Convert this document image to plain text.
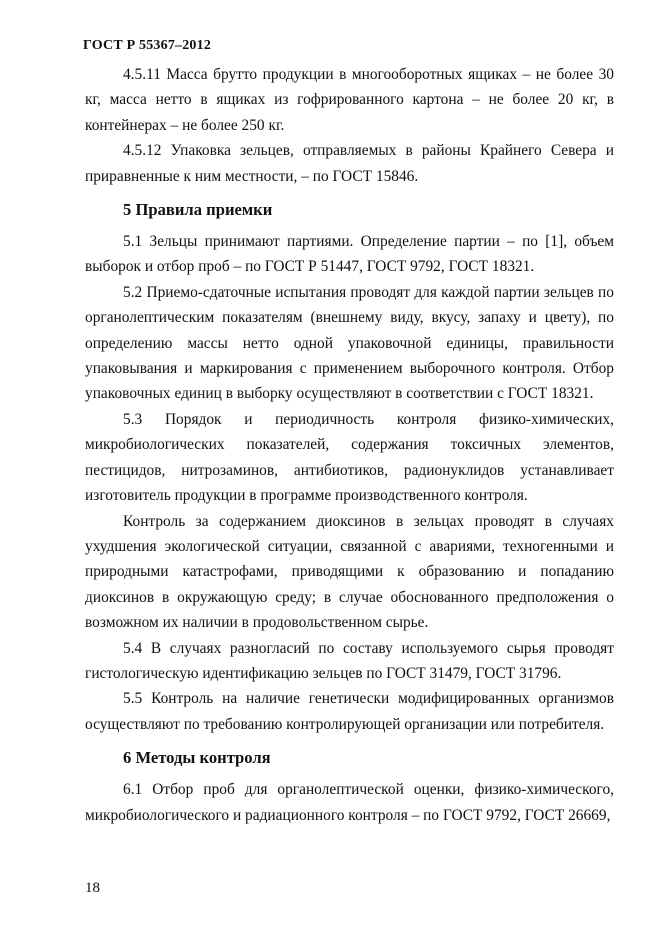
ГОСТ Р 55367–2012

4.5.11 Масса брутто продукции в многооборотных ящиках – не более 30 кг, масса нетто в ящиках из гофрированного картона – не более 20 кг, в контейнерах – не более 250 кг.

4.5.12 Упаковка зельцев, отправляемых в районы Крайнего Севера и приравненные к ним местности, – по ГОСТ 15846.

5 Правила приемки

5.1 Зельцы принимают партиями. Определение партии – по [1], объем выборок и отбор проб – по ГОСТ Р 51447, ГОСТ 9792, ГОСТ 18321.

5.2 Приемо-сдаточные испытания проводят для каждой партии зельцев по органолептическим показателям (внешнему виду, вкусу, запаху и цвету), по определению массы нетто одной упаковочной единицы, правильности упаковывания и маркирования с применением выборочного контроля. Отбор упаковочных единиц в выборку осуществляют в соответствии с ГОСТ 18321.

5.3 Порядок и периодичность контроля физико-химических, микробиологических показателей, содержания токсичных элементов, пестицидов, нитрозаминов, антибиотиков, радионуклидов устанавливает изготовитель продукции в программе производственного контроля.

Контроль за содержанием диоксинов в зельцах проводят в случаях ухудшения экологической ситуации, связанной с авариями, техногенными и природными катастрофами, приводящими к образованию и попаданию диоксинов в окружающую среду; в случае обоснованного предположения о возможном их наличии в продовольственном сырье.

5.4 В случаях разногласий по составу используемого сырья проводят гистологическую идентификацию зельцев по ГОСТ 31479, ГОСТ 31796.

5.5 Контроль на наличие генетически модифицированных организмов осуществляют по требованию контролирующей организации или потребителя.

6 Методы контроля

6.1 Отбор проб для органолептической оценки, физико-химического, микробиологического и радиационного контроля – по ГОСТ 9792, ГОСТ 26669,

18
